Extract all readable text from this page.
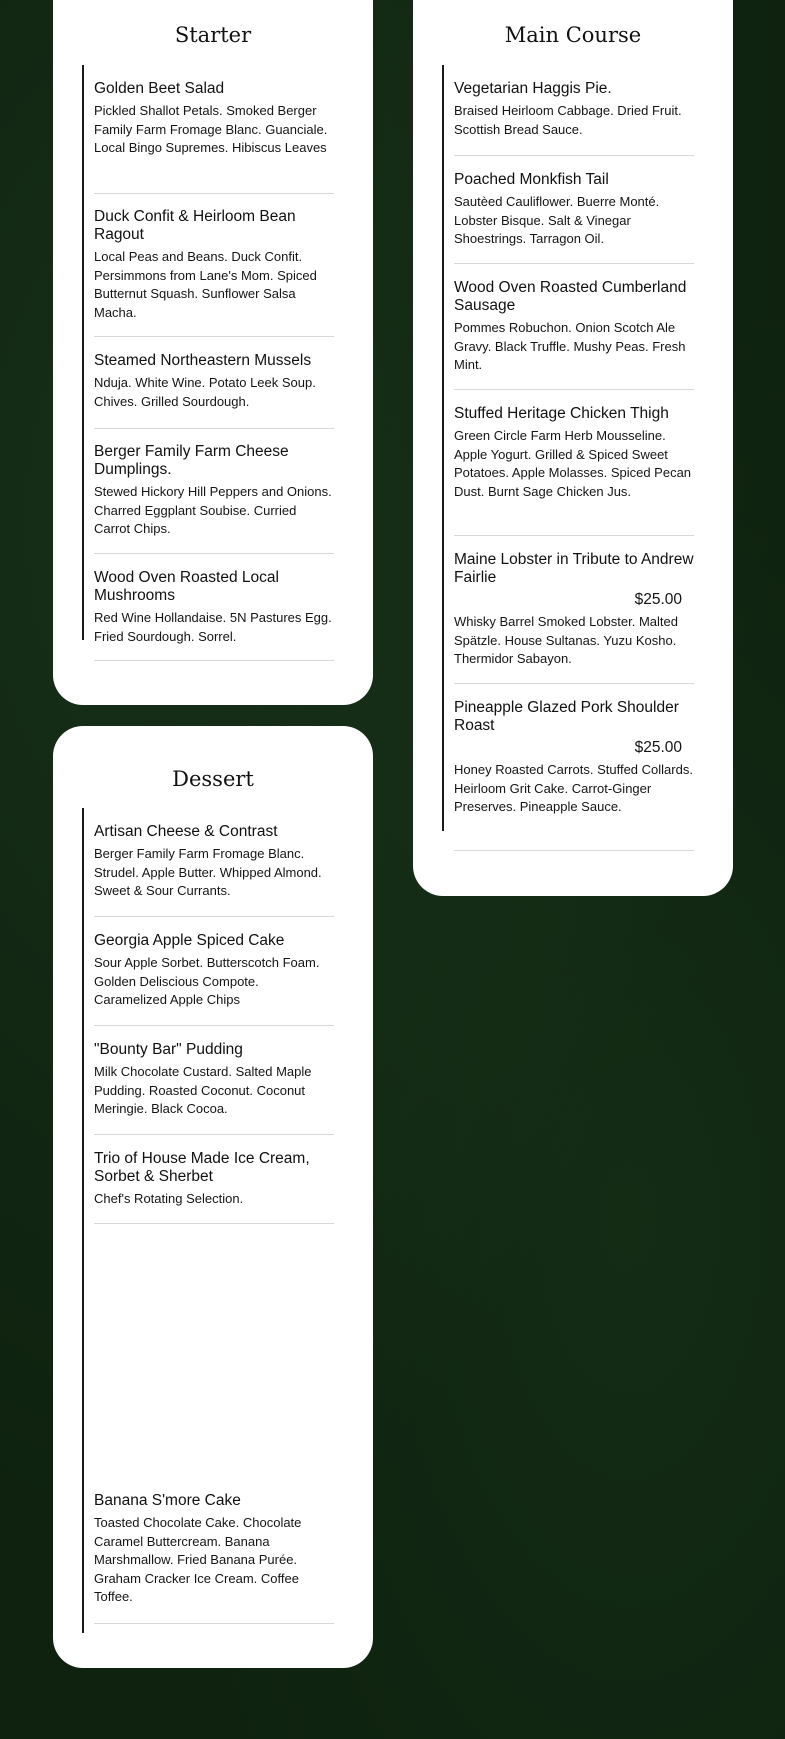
Starter

Golden Beet Salad

Pickled Shallot Petals. Smoked Berger Family Farm Fromage Blanc. Guanciale. Local Bingo Supremes. Hibiscus Leaves

Duck Confit & Heirloom Bean Ragout

Local Peas and Beans. Duck Confit. Persimmons from Lane's Mom. Spiced Butternut Squash. Sunflower Salsa Macha.

Steamed Northeastern Mussels

Nduja. White Wine. Potato Leek Soup. Chives. Grilled Sourdough.

Berger Family Farm Cheese Dumplings.

Stewed Hickory Hill Peppers and Onions. Charred Eggplant Soubise. Curried Carrot Chips.

Wood Oven Roasted Local Mushrooms

Red Wine Hollandaise. 5N Pastures Egg. Fried Sourdough. Sorrel.

Main Course

Vegetarian Haggis Pie.

Braised Heirloom Cabbage. Dried Fruit. Scottish Bread Sauce.

Poached Monkfish Tail

Sautèed Cauliflower. Buerre Monté. Lobster Bisque. Salt & Vinegar Shoestrings. Tarragon Oil.

Wood Oven Roasted Cumberland Sausage

Pommes Robuchon. Onion Scotch Ale Gravy. Black Truffle. Mushy Peas. Fresh Mint.

Stuffed Heritage Chicken Thigh

Green Circle Farm Herb Mousseline. Apple Yogurt. Grilled & Spiced Sweet Potatoes. Apple Molasses. Spiced Pecan Dust. Burnt Sage Chicken Jus.

Maine Lobster in Tribute to Andrew Fairlie

$25.00

Whisky Barrel Smoked Lobster. Malted Spätzle. House Sultanas. Yuzu Kosho. Thermidor Sabayon.

Pineapple Glazed Pork Shoulder Roast

$25.00

Honey Roasted Carrots. Stuffed Collards. Heirloom Grit Cake. Carrot-Ginger Preserves. Pineapple Sauce.

Dessert

Artisan Cheese & Contrast

Berger Family Farm Fromage Blanc. Strudel. Apple Butter. Whipped Almond. Sweet & Sour Currants.

Georgia Apple Spiced Cake

Sour Apple Sorbet. Butterscotch Foam. Golden Deliscious Compote. Caramelized Apple Chips

"Bounty Bar" Pudding

Milk Chocolate Custard. Salted Maple Pudding. Roasted Coconut. Coconut Meringie. Black Cocoa.

Trio of House Made Ice Cream, Sorbet & Sherbet

Chef's Rotating Selection.

Banana S'more Cake

Toasted Chocolate Cake. Chocolate Caramel Buttercream. Banana Marshmallow. Fried Banana Purée. Graham Cracker Ice Cream. Coffee Toffee.
